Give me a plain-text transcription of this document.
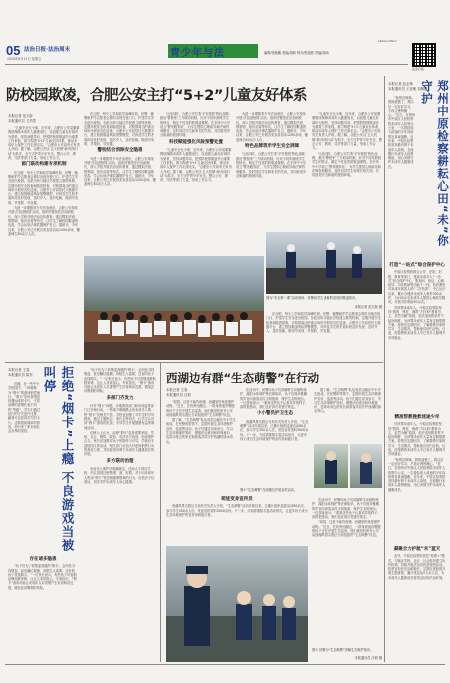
05 法治日报·法治周末
2024年6月11日 星期五	青少年与法	编辑/张晓鹏 美编/周莉 校对/张晓燕 责编/周雨
LEGAL DAILY
法治日报
防校园欺凌，合肥公安主打“5+2”儿童友好体系
本报记者 范天娇
本报通讯员 王浩然

“儿童安全无小事，近年来，合肥市公安局紧紧围绕保障未成年人健康成长，以创建儿童友好城市为契机，坚持问题导向，把预防校园欺凌作为重要工作来抓，着力构建‘5+2’儿童友好体系，推动未成年人保护工作走深走实。”合肥市公安局有关负责人介绍。据了解，合肥公安以‘五大机制’和‘两项行动’为抓手，全力守护青少年安全，整合公安、教育、司法等部门力量，形成工作合力。

部门联动构建专项机制

在合肥，每天上学和放学高峰时段，民警、辅警和护学志愿者会准时出现在校门口，护送学生安全进出校园。各派出所与辖区学校建立联络机制，定期开展安全检查和隐患排查，对校园周边的重点场所开展常态化巡查。合肥市公安局依托大数据平台，建立校园欺凌风险预警模型，对涉及学生的矛盾纠纷及时发现、及时介入、及时化解，做到早发现、早预防、早处置。

为进一步增强青少年法治意识，合肥公安持续开展‘法治进校园’活动，组织民警担任法治副校长，深入学校开展法治宣传教育，通过模拟法庭、情景剧、知识竞赛等形式，让学生了解校园欺凌的危害，学会运用法律武器保护自己。据统计，今年以来，合肥公安已开展各类宣讲活动1200余场，覆盖师生80余万人次。

在合肥，每天上学和放学高峰时段，民警、辅警和护学志愿者会准时出现在校门口，护送学生安全进出校园。各派出所与辖区学校建立联络机制，定期开展安全检查和隐患排查，对校园周边的重点场所开展常态化巡查。合肥市公安局依托大数据平台，建立校园欺凌风险预警模型，对涉及学生的矛盾纠纷及时发现、及时介入、及时化解，做到早发现、早预防、早处置。

警校结合消除安全隐患

为进一步增强青少年法治意识，合肥公安持续开展‘法治进校园’活动，组织民警担任法治副校长，深入学校开展法治宣传教育，通过模拟法庭、情景剧、知识竞赛等形式，让学生了解校园欺凌的危害，学会运用法律武器保护自己。据统计，今年以来，合肥公安已开展各类宣讲活动1200余场，覆盖师生80余万人次。

与此同时，合肥公安打造‘平安校园’特色品牌，推出‘警校家’三方联动机制，针对不同年龄段学生的特点，制定个性化的防欺凌课程。在多所中小学设立‘警务服务站’，为学生提供心理疏导和法律咨询服务，及时回应学生和家长的关切，共同营造安全和谐的校园环境。

科技赋能强化风险预警处置

“儿童安全无小事，近年来，合肥市公安局紧紧围绕保障未成年人健康成长，以创建儿童友好城市为契机，坚持问题导向，把预防校园欺凌作为重要工作来抓，着力构建‘5+2’儿童友好体系，推动未成年人保护工作走深走实。”合肥市公安局有关负责人介绍。据了解，合肥公安以‘五大机制’和‘两项行动’为抓手，全力守护青少年安全，整合公安、教育、司法等部门力量，形成工作合力。

为进一步增强青少年法治意识，合肥公安持续开展‘法治进校园’活动，组织民警担任法治副校长，深入学校开展法治宣传教育，通过模拟法庭、情景剧、知识竞赛等形式，让学生了解校园欺凌的危害，学会运用法律武器保护自己。据统计，今年以来，合肥公安已开展各类宣讲活动1200余场，覆盖师生80余万人次。

特色品牌筑牢学生安全屏障

与此同时，合肥公安打造‘平安校园’特色品牌，推出‘警校家’三方联动机制，针对不同年龄段学生的特点，制定个性化的防欺凌课程。在多所中小学设立‘警务服务站’，为学生提供心理疏导和法律咨询服务，及时回应学生和家长的关切，共同营造安全和谐的校园环境。

“儿童安全无小事，近年来，合肥市公安局紧紧围绕保障未成年人健康成长，以创建儿童友好城市为契机，坚持问题导向，把预防校园欺凌作为重要工作来抓，着力构建‘5+2’儿童友好体系，推动未成年人保护工作走深走实。”合肥市公安局有关负责人介绍。据了解，合肥公安以‘五大机制’和‘两项行动’为抓手，全力守护青少年安全，整合公安、教育、司法等部门力量，形成工作合力。

与此同时，合肥公安打造‘平安校园’特色品牌，推出‘警校家’三方联动机制，针对不同年龄段学生的特点，制定个性化的防欺凌课程。在多所中小学设立‘警务服务站’，为学生提供心理疏导和法律咨询服务，及时回应学生和家长的关切，共同营造安全和谐的校园环境。

图为“安全第一课”活动现场，民警向学生讲解防范校园欺凌知识。
本报记者 范天娇 摄

在合肥，每天上学和放学高峰时段，民警、辅警和护学志愿者会准时出现在校门口，护送学生安全进出校园。各派出所与辖区学校建立联络机制，定期开展安全检查和隐患排查，对校园周边的重点场所开展常态化巡查。合肥市公安局依托大数据平台，建立校园欺凌风险预警模型，对涉及学生的矛盾纠纷及时发现、及时介入、及时化解，做到早发现、早预防、早处置。

本报记者 赵志锋
本报通讯员 王亚敏 刘佩佩 郑州中原检察耕耘心田“未”你守护

“检察官阿姨，我知道错了，我以后一定好好学习，不再让爸妈操心。”近日，在郑州市中原区人民检察院未成年人检察办公室，一名曾经误入歧途的少年向检察官真诚道歉。近年来，中原区检察院坚持最有利于未成年人原则，全面履行未成年人检察职能，用心用情守护未成年人健康成长。

打造“一站式”综合保护中心

中原区检察院联合公安、法院、妇联、教育等部门，建成未成年人“一站式”综合保护中心，集询问、取证、心理疏导、司法救助等功能于一体，有效避免对未成年被害人的“二次伤害”。中心运行以来，累计办理涉未成年人案件300余件，为200余名未成年人提供心理疏导服务，开展司法救助50余次。

对涉罪未成年人，中原区检察院坚持“教育、感化、挽救”方针和“教育为主、惩罚为辅”原则，依法适用附条件不起诉制度，为涉罪未成年人量身定制帮教方案。检察官定期回访，了解帮教对象的学习、生活情况，帮助他们回归正轨。目前，经帮教的未成年人中已有多人顺利升学或就业。

精准帮教挽救迷途少年

对涉罪未成年人，中原区检察院坚持“教育、感化、挽救”方针和“教育为主、惩罚为辅”原则，依法适用附条件不起诉制度，为涉罪未成年人量身定制帮教方案。检察官定期回访，了解帮教对象的学习、生活情况，帮助他们回归正轨。目前，经帮教的未成年人中已有多人顺利升学或就业。

“检察官阿姨，我知道错了，我以后一定好好学习，不再让爸妈操心。”近日，在郑州市中原区人民检察院未成年人检察办公室，一名曾经误入歧途的少年向检察官真诚道歉。近年来，中原区检察院坚持最有利于未成年人原则，全面履行未成年人检察职能，用心用情守护未成年人健康成长。

凝聚合力护航“未”蓝天

此外，中原区检察院依托“检察+”模式，与辖区学校、社区、社会组织建立协作机制，持续开展法治宣传进校园活动。检察官担任法治副校长，定期走进校园开展主题讲座，累计受众达5万余人次，为未成年人健康成长营造良好的法治环境。

本报记者 王春
本报通讯员 陈东	拒绝“烟卡”上瘾 不良游戏当被叫停

近期，在一些中小学校园中，一种被称为“烟卡”的游戏悄然流行。“烟卡”是用香烟盒折叠而成的卡片，不同品牌的香烟代表不同的“等级”，学生们通过拍打的方式进行比拼，赢者可以获得对方的卡片。这种看似简单的游戏，却引发了家长和社会各界的担忧。

存在诸多隐患

“孩子们为了收集更高级的‘烟卡’，会四处寻找烟盒，甚至翻垃圾桶、向陌生人索要，还有的孩子花钱购买。”一位家长表示，有些孩子对香烟品牌如数家珍，这让人非常担心。专家指出，“烟卡”游戏可能让未成年人对香烟产生好奇和亲近感，增加尝试吸烟的风险。

“孩子们为了收集更高级的‘烟卡’，会四处寻找烟盒，甚至翻垃圾桶、向陌生人索要，还有的孩子花钱购买。”一位家长表示，有些孩子对香烟品牌如数家珍，这让人非常担心。专家指出，“烟卡”游戏可能让未成年人对香烟产生好奇和亲近感，增加尝试吸烟的风险。

多部门齐发力

针对“烟卡”问题，多地教育部门和市场监管部门已开始行动。一些地方明确禁止向未成年人销售“烟卡”及相关产品，学校也加强了对学生的引导教育，通过主题班会、家长会等形式，让学生认识到“烟卡”游戏的危害，引导学生开展健康有益的课间活动。

法律人士认为，治理“烟卡”乱象需要家庭、学校、社会、网络、政府、司法多方协同，形成保护合力。家长应加强对孩子的陪伴与引导，学校应丰富校园文体活动，相关部门应加大对违规销售行为的查处力度，共同营造有利于未成年人健康成长的环境。

多方联动治理

未成年人保护法明确规定，任何人不得在学校、幼儿园周边销售烟、酒、彩票。对于向未成年人售卖“烟卡”等变相推销烟草的行为，应依法予以查处，切实守护未成年人身心健康。

西湖边有群“生态萌警”在行动
本报记者 王春
本报通讯员 汪莉

“叔叔，这里不能钓鱼哦，西湖里的鱼是保护动物。”近日，在杭州西湖边，一群身着迷你警服的孩子正在开展生态巡查，他们就是杭州市公安局西湖风景名胜区分局组建的“生态萌警”队伍。

据了解，“生态萌警”队伍成员由辖区中小学生组成，在民警的带领下，定期开展生态环境保护宣传、巡查等活动。孩子们通过亲身参与，学习生态环境保护知识，增强法治意识和环保意识，也带动身边的家长和游客共同守护西湖的绿水青山。

在活动中，民警向孩子们讲解野生动植物保护、湖泊水体保护等法律知识，孩子们则用稚嫩的声音向游客宣传文明旅游、保护生态的理念。一位游客表示：“看到这些孩子认真劝导的样子，真的很感动，我们也应该自觉遵守规定。”

小小警员护卫生态

西湖风景名胜区分局有关负责人介绍，“生态萌警”活动开展以来，已累计组织巡查活动60余次，参与学生500余人次，发放宣传资料3000余份。下一步，分局将继续丰富活动形式，让更多孩子成为生态环境保护的宣传者和践行者。

据了解，“生态萌警”队伍成员由辖区中小学生组成，在民警的带领下，定期开展生态环境保护宣传、巡查等活动。孩子们通过亲身参与，学习生态环境保护知识，增强法治意识和环保意识，也带动身边的家长和游客共同守护西湖的绿水青山。

图①“生态萌警”在西湖边开展宣传活动。
萌娃变身宣传员

西湖风景名胜区分局有关负责人介绍，“生态萌警”活动开展以来，已累计组织巡查活动60余次，参与学生500余人次，发放宣传资料3000余份。下一步，分局将继续丰富活动形式，让更多孩子成为生态环境保护的宣传者和践行者。

在活动中，民警向孩子们讲解野生动植物保护、湖泊水体保护等法律知识，孩子们则用稚嫩的声音向游客宣传文明旅游、保护生态的理念。一位游客表示：“看到这些孩子认真劝导的样子，真的很感动，我们也应该自觉遵守规定。”

“叔叔，这里不能钓鱼哦，西湖里的鱼是保护动物。”近日，在杭州西湖边，一群身着迷你警服的孩子正在开展生态巡查，他们就是杭州市公安局西湖风景名胜区分局组建的“生态萌警”队伍。

图② 民警为“生态萌警”讲解生态保护知识。
本报通讯员 汪莉 摄
